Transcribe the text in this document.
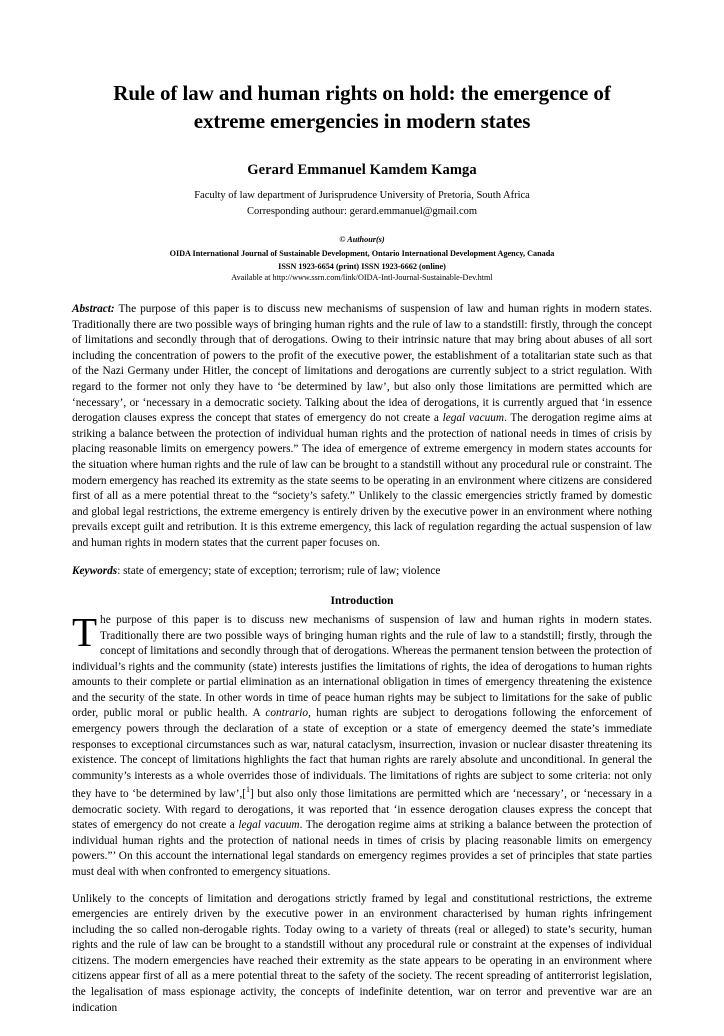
Rule of law and human rights on hold: the emergence of extreme emergencies in modern states
Gerard Emmanuel Kamdem Kamga
Faculty of law department of Jurisprudence University of Pretoria, South Africa
Corresponding authour: gerard.emmanuel@gmail.com
© Authour(s)
OIDA International Journal of Sustainable Development, Ontario International Development Agency, Canada
ISSN 1923-6654 (print) ISSN 1923-6662 (online)
Available at http://www.ssrn.com/link/OIDA-Intl-Journal-Sustainable-Dev.html
Abstract: The purpose of this paper is to discuss new mechanisms of suspension of law and human rights in modern states. Traditionally there are two possible ways of bringing human rights and the rule of law to a standstill: firstly, through the concept of limitations and secondly through that of derogations. Owing to their intrinsic nature that may bring about abuses of all sort including the concentration of powers to the profit of the executive power, the establishment of a totalitarian state such as that of the Nazi Germany under Hitler, the concept of limitations and derogations are currently subject to a strict regulation. With regard to the former not only they have to ‘be determined by law’, but also only those limitations are permitted which are ‘necessary’, or ‘necessary in a democratic society. Talking about the idea of derogations, it is currently argued that ‘in essence derogation clauses express the concept that states of emergency do not create a legal vacuum. The derogation regime aims at striking a balance between the protection of individual human rights and the protection of national needs in times of crisis by placing reasonable limits on emergency powers.” The idea of emergence of extreme emergency in modern states accounts for the situation where human rights and the rule of law can be brought to a standstill without any procedural rule or constraint. The modern emergency has reached its extremity as the state seems to be operating in an environment where citizens are considered first of all as a mere potential threat to the “society’s safety.” Unlikely to the classic emergencies strictly framed by domestic and global legal restrictions, the extreme emergency is entirely driven by the executive power in an environment where nothing prevails except guilt and retribution. It is this extreme emergency, this lack of regulation regarding the actual suspension of law and human rights in modern states that the current paper focuses on.
Keywords: state of emergency; state of exception; terrorism; rule of law; violence
Introduction
The purpose of this paper is to discuss new mechanisms of suspension of law and human rights in modern states. Traditionally there are two possible ways of bringing human rights and the rule of law to a standstill; firstly, through the concept of limitations and secondly through that of derogations. Whereas the permanent tension between the protection of individual’s rights and the community (state) interests justifies the limitations of rights, the idea of derogations to human rights amounts to their complete or partial elimination as an international obligation in times of emergency threatening the existence and the security of the state. In other words in time of peace human rights may be subject to limitations for the sake of public order, public moral or public health. A contrario, human rights are subject to derogations following the enforcement of emergency powers through the declaration of a state of exception or a state of emergency deemed the state’s immediate responses to exceptional circumstances such as war, natural cataclysm, insurrection, invasion or nuclear disaster threatening its existence. The concept of limitations highlights the fact that human rights are rarely absolute and unconditional. In general the community’s interests as a whole overrides those of individuals. The limitations of rights are subject to some criteria: not only they have to ‘be determined by law’,[$^1$] but also only those limitations are permitted which are ‘necessary’, or ‘necessary in a democratic society. With regard to derogations, it was reported that ‘in essence derogation clauses express the concept that states of emergency do not create a legal vacuum. The derogation regime aims at striking a balance between the protection of individual human rights and the protection of national needs in times of crisis by placing reasonable limits on emergency powers.”’ On this account the international legal standards on emergency regimes provides a set of principles that state parties must deal with when confronted to emergency situations.
Unlikely to the concepts of limitation and derogations strictly framed by legal and constitutional restrictions, the extreme emergencies are entirely driven by the executive power in an environment characterised by human rights infringement including the so called non-derogable rights. Today owing to a variety of threats (real or alleged) to state’s security, human rights and the rule of law can be brought to a standstill without any procedural rule or constraint at the expenses of individual citizens. The modern emergencies have reached their extremity as the state appears to be operating in an environment where citizens appear first of all as a mere potential threat to the safety of the society. The recent spreading of antiterrorist legislation, the legalisation of mass espionage activity, the concepts of indefinite detention, war on terror and preventive war are an indication
